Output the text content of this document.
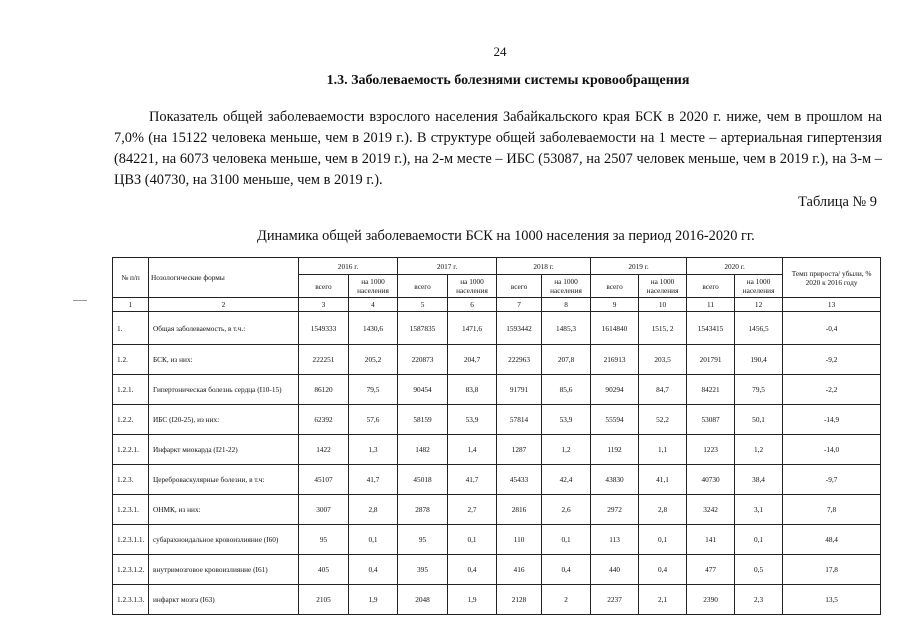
24
1.3. Заболеваемость болезнями системы кровообращения

Показатель общей заболеваемости взрослого населения Забайкальского края БСК в 2020 г. ниже, чем в прошлом на 7,0% (на 15122 человека меньше, чем в 2019 г.). В структуре общей заболеваемости на 1 месте – артериальная гипертензия (84221, на 6073 человека меньше, чем в 2019 г.), на 2-м месте – ИБС (53087, на 2507 человек меньше, чем в 2019 г.), на 3-м – ЦВЗ (40730, на 3100 меньше, чем в 2019 г.).

Таблица № 9
Динамика общей заболеваемости БСК на 1000 населения за период 2016-2020 гг.
№ п/п	Нозологические формы	2016 г.		2017 г.		2018 г.		2019 г.		2020 г.		Темп прироста/ убыли, % 2020 к 2016 году
		всего	на 1000 населения	всего	на 1000 населения	всего	на 1000 населения	всего	на 1000 населения	всего	на 1000 населения	
1	2	3	4	5	6	7	8	9	10	11	12	13
1.	Общая заболеваемость, в т.ч.:	1549333	1430,6	1587835	1471,6	1593442	1485,3	1614840	1515, 2	1543415	1456,5	-0,4
1.2.	БСК, из них:	222251	205,2	220873	204,7	222963	207,8	216913	203,5	201791	190,4	-9,2
1.2.1.	Гипертоническая болезнь сердца (I10-15)	86120	79,5	90454	83,8	91791	85,6	90294	84,7	84221	79,5	-2,2
1.2.2.	ИБС (I20-25), из них:	62392	57,6	58159	53,9	57814	53,9	55594	52,2	53087	50,1	-14,9
1.2.2.1.	Инфаркт миокарда (I21-22)	1422	1,3	1482	1,4	1287	1,2	1192	1,1	1223	1,2	-14,0
1.2.3.	Цереброваскулярные болезни, в т.ч:	45107	41,7	45018	41,7	45433	42,4	43830	41,1	40730	38,4	-9,7
1.2.3.1.	ОНМК, из них:	3007	2,8	2878	2,7	2816	2,6	2972	2,8	3242	3,1	7,8
1.2.3.1.1.	субарахноидальное кровоизлияние (I60)	95	0,1	95	0,1	110	0,1	113	0,1	141	0,1	48,4
1.2.3.1.2.	внутримозговое кровоизлияние (I61)	405	0,4	395	0,4	416	0,4	440	0,4	477	0,5	17,8
1.2.3.1.3.	инфаркт мозга (I63)	2105	1,9	2048	1,9	2128	2	2237	2,1	2390	2,3	13,5
